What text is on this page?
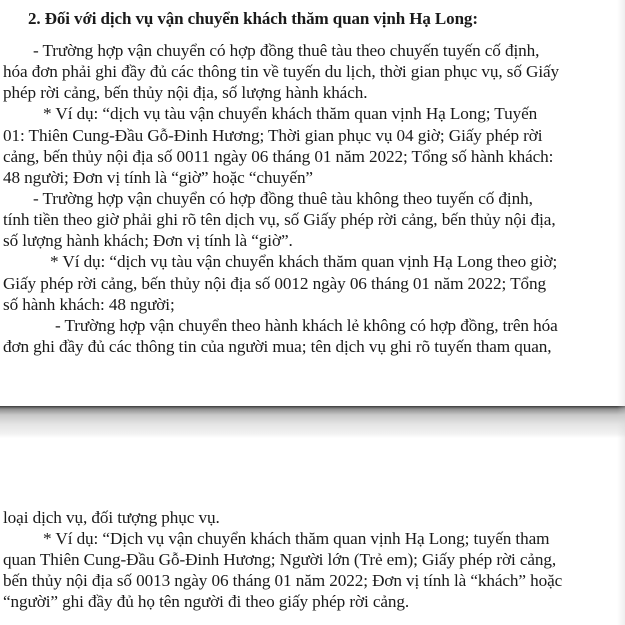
2. Đối với dịch vụ vận chuyển khách thăm quan vịnh Hạ Long:
- Trường hợp vận chuyển có hợp đồng thuê tàu theo chuyến tuyến cố định,
hóa đơn phải ghi đầy đủ các thông tin về tuyến du lịch, thời gian phục vụ, số Giấy
phép rời cảng, bến thủy nội địa, số lượng hành khách.
* Ví dụ: “dịch vụ tàu vận chuyển khách thăm quan vịnh Hạ Long; Tuyến
01: Thiên Cung-Đầu Gỗ-Đinh Hương; Thời gian phục vụ 04 giờ; Giấy phép rời
cảng, bến thủy nội địa số 0011 ngày 06 tháng 01 năm 2022; Tổng số hành khách:
48 người; Đơn vị tính là “giờ” hoặc “chuyến”
- Trường hợp vận chuyển có hợp đồng thuê tàu không theo tuyến cố định,
tính tiền theo giờ phải ghi rõ tên dịch vụ, số Giấy phép rời cảng, bến thủy nội địa,
số lượng hành khách; Đơn vị tính là “giờ”.
* Ví dụ: “dịch vụ tàu vận chuyển khách thăm quan vịnh Hạ Long theo giờ;
Giấy phép rời cảng, bến thủy nội địa số 0012 ngày 06 tháng 01 năm 2022; Tổng
số hành khách: 48 người;
- Trường hợp vận chuyển theo hành khách lẻ không có hợp đồng, trên hóa
đơn ghi đầy đủ các thông tin của người mua; tên dịch vụ ghi rõ tuyến tham quan,
loại dịch vụ, đối tượng phục vụ.
* Ví dụ: “Dịch vụ vận chuyển khách thăm quan vịnh Hạ Long; tuyến tham
quan Thiên Cung-Đầu Gỗ-Đinh Hương; Người lớn (Trẻ em); Giấy phép rời cảng,
bến thủy nội địa số 0013 ngày 06 tháng 01 năm 2022; Đơn vị tính là “khách” hoặc
“người” ghi đầy đủ họ tên người đi theo giấy phép rời cảng.
